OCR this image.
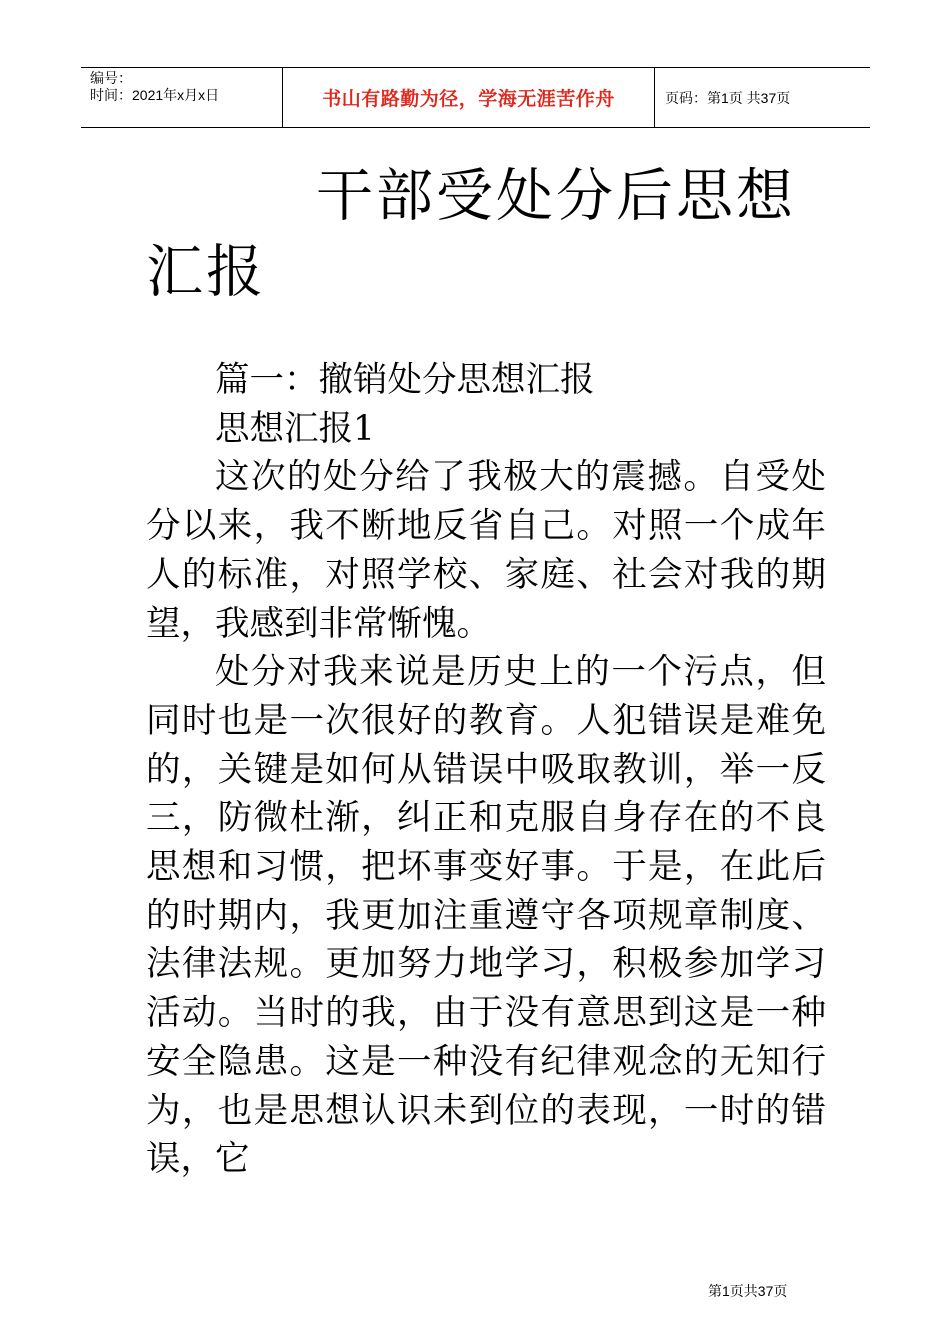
编号：
时间：2021年x月x日	书山有路勤为径，学海无涯苦作舟	页码：第1页 共37页
干部受处分后思想汇报

篇一：撤销处分思想汇报

思想汇报1

这次的处分给了我极大的震撼。自受处分以来，我不断地反省自己。对照一个成年人的标准，对照学校、家庭、社会对我的期望，我感到非常惭愧。

处分对我来说是历史上的一个污点，但同时也是一次很好的教育。人犯错误是难免的，关键是如何从错误中吸取教训，举一反三，防微杜渐，纠正和克服自身存在的不良思想和习惯，把坏事变好事。于是，在此后的时期内，我更加注重遵守各项规章制度、法律法规。更加努力地学习，积极参加学习活动。当时的我，由于没有意思到这是一种安全隐患。这是一种没有纪律观念的无知行为，也是思想认识未到位的表现，一时的错误，它

第1页共37页
